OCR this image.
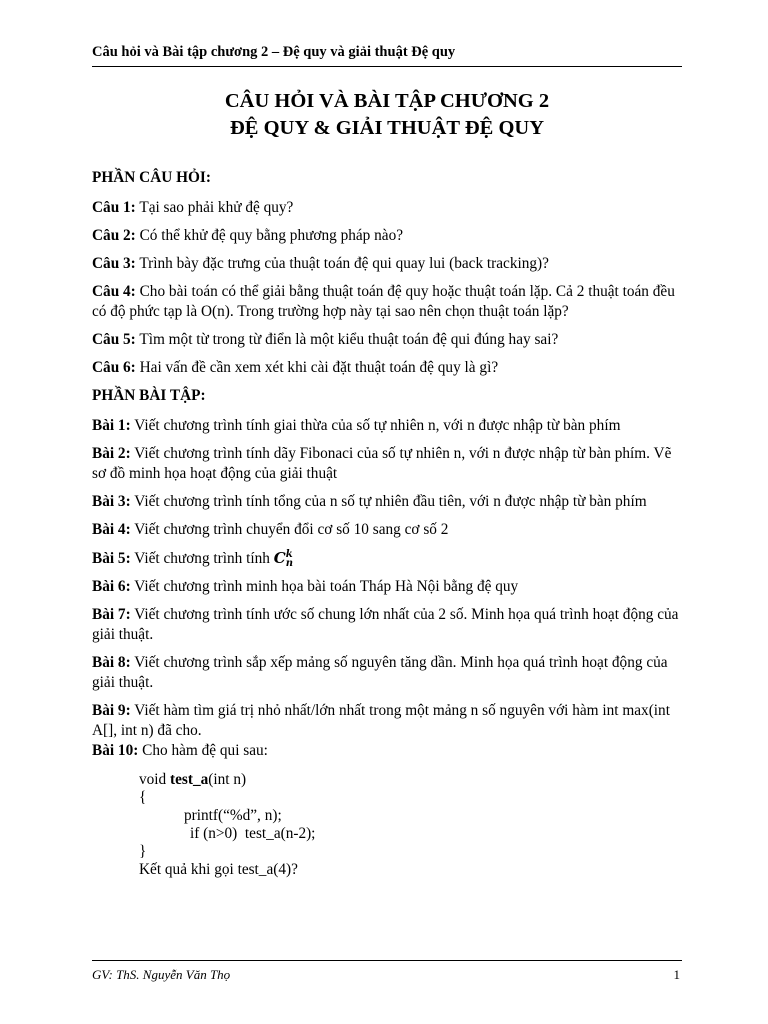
Câu hỏi và Bài tập chương 2 – Đệ quy và giải thuật Đệ quy
CÂU HỎI VÀ BÀI TẬP CHƯƠNG 2
ĐỆ QUY & GIẢI THUẬT ĐỆ QUY
PHẦN CÂU HỎI:
Câu 1: Tại sao phải khử đệ quy?
Câu 2: Có thể khử đệ quy bằng phương pháp nào?
Câu 3: Trình bày đặc trưng của thuật toán đệ qui quay lui (back tracking)?
Câu 4: Cho bài toán có thể giải bằng thuật toán đệ quy hoặc thuật toán lặp. Cả 2 thuật toán đều có độ phức tạp là O(n). Trong trường hợp này tại sao nên chọn thuật toán lặp?
Câu 5: Tìm một từ trong từ điển là một kiểu thuật toán đệ qui đúng hay sai?
Câu 6: Hai vấn đề cần xem xét khi cài đặt thuật toán đệ quy là gì?
PHẦN BÀI TẬP:
Bài 1: Viết chương trình tính giai thừa của số tự nhiên n, với n được nhập từ bàn phím
Bài 2: Viết chương trình tính dãy Fibonaci của số tự nhiên n, với n được nhập từ bàn phím. Vẽ sơ đồ minh họa hoạt động của giải thuật
Bài 3: Viết chương trình tính tổng của n số tự nhiên đầu tiên, với n được nhập từ bàn phím
Bài 4: Viết chương trình chuyển đổi cơ số 10 sang cơ số 2
Bài 5: Viết chương trình tính C k
n
Bài 6: Viết chương trình minh họa bài toán Tháp Hà Nội bằng đệ quy
Bài 7: Viết chương trình tính ước số chung lớn nhất của 2 số. Minh họa quá trình hoạt động của giải thuật.
Bài 8: Viết chương trình sắp xếp mảng số nguyên tăng dần. Minh họa quá trình hoạt động của giải thuật.
Bài 9: Viết hàm tìm giá trị nhỏ nhất/lớn nhất trong một mảng n số nguyên với hàm int max(int A[], int n) đã cho.
Bài 10: Cho hàm đệ qui sau:
void test_a(int n)
{
printf(“%d”, n);
if (n>0)  test_a(n-2);
}
Kết quả khi gọi test_a(4)?
GV: ThS. Nguyễn Văn Thọ	1
